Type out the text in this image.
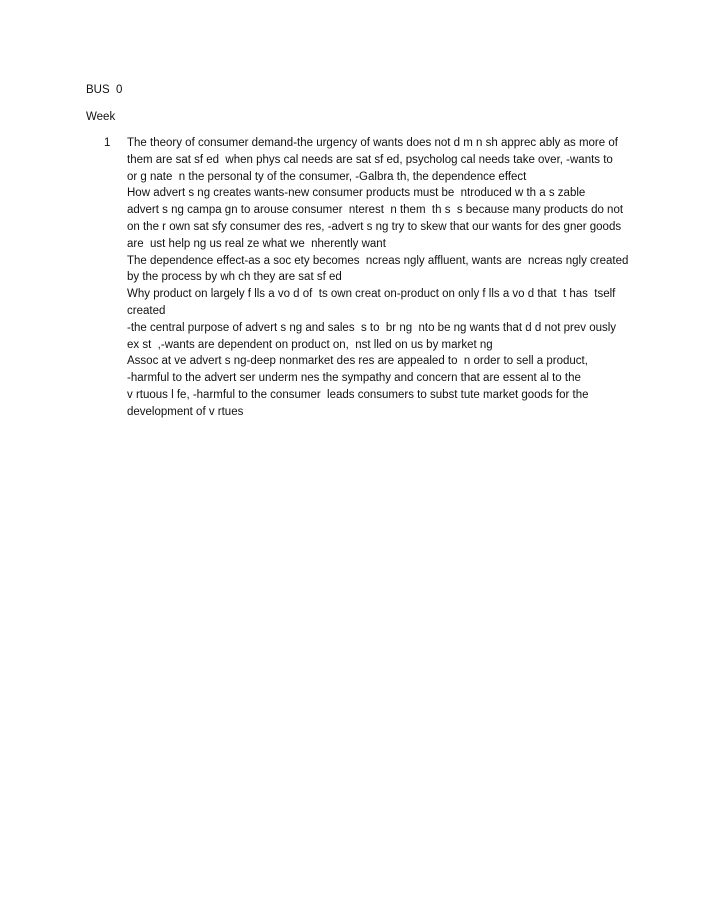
BUS  0
Week
1 The theory of consumer demand-the urgency of wants does not d m n sh apprec ably as more of

them are sat sf ed  when phys cal needs are sat sf ed, psycholog cal needs take over, -wants to

or g nate  n the personal ty of the consumer, -Galbra th, the dependence effect

How advert s ng creates wants-new consumer products must be  ntroduced w th a s zable

advert s ng campa gn to arouse consumer  nterest  n them  th s  s because many products do not

on the r own sat sfy consumer des res, -advert s ng try to skew that our wants for des gner goods

are  ust help ng us real ze what we  nherently want

The dependence effect-as a soc ety becomes  ncreas ngly affluent, wants are  ncreas ngly created

by the process by wh ch they are sat sf ed

Why product on largely f lls a vo d of  ts own creat on-product on only f lls a vo d that  t has  tself

created

-the central purpose of advert s ng and sales  s to  br ng  nto be ng wants that d d not prev ously

ex st  ,-wants are dependent on product on,  nst lled on us by market ng

Assoc at ve advert s ng-deep nonmarket des res are appealed to  n order to sell a product,

-harmful to the advert ser underm nes the sympathy and concern that are essent al to the

v rtuous l fe, -harmful to the consumer  leads consumers to subst tute market goods for the

development of v rtues
